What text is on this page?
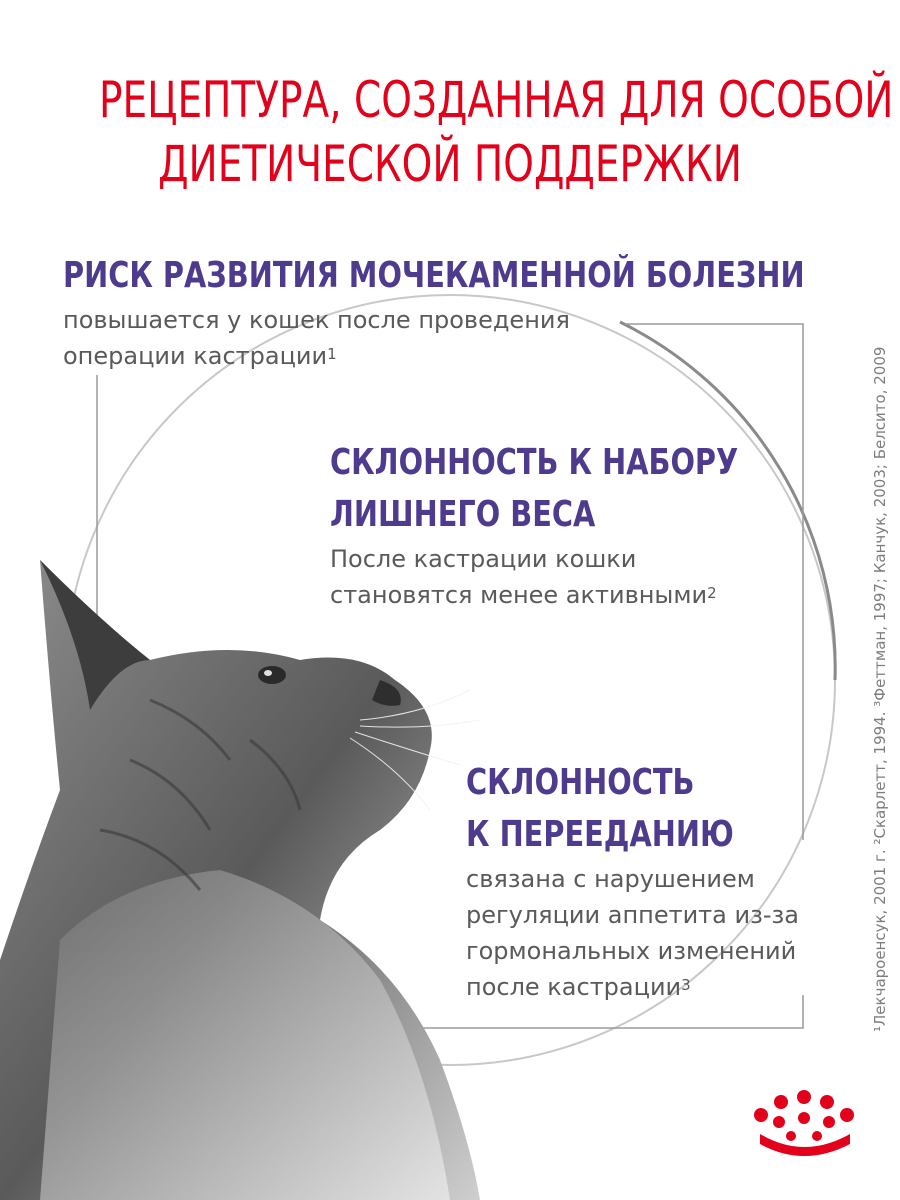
РЕЦЕПТУРА, СОЗДАННАЯ ДЛЯ ОСОБОЙ
ДИЕТИЧЕСКОЙ ПОДДЕРЖКИ
РИСК РАЗВИТИЯ МОЧЕКАМЕННОЙ БОЛЕЗНИ
повышается у кошек после проведения
операции кастрации$^1$
СКЛОННОСТЬ К НАБОРУ
ЛИШНЕГО ВЕСА
После кастрации кошки
становятся менее активными$^2$
СКЛОННОСТЬ
К ПЕРЕЕДАНИЮ
связана с нарушением
регуляции аппетита из-за
гормональных изменений
после кастрации$^3$	¹Лекчароенсук, 2001 г. ²Скарлетт, 1994. ³Феттман, 1997; Канчук, 2003; Белсито, 2009
